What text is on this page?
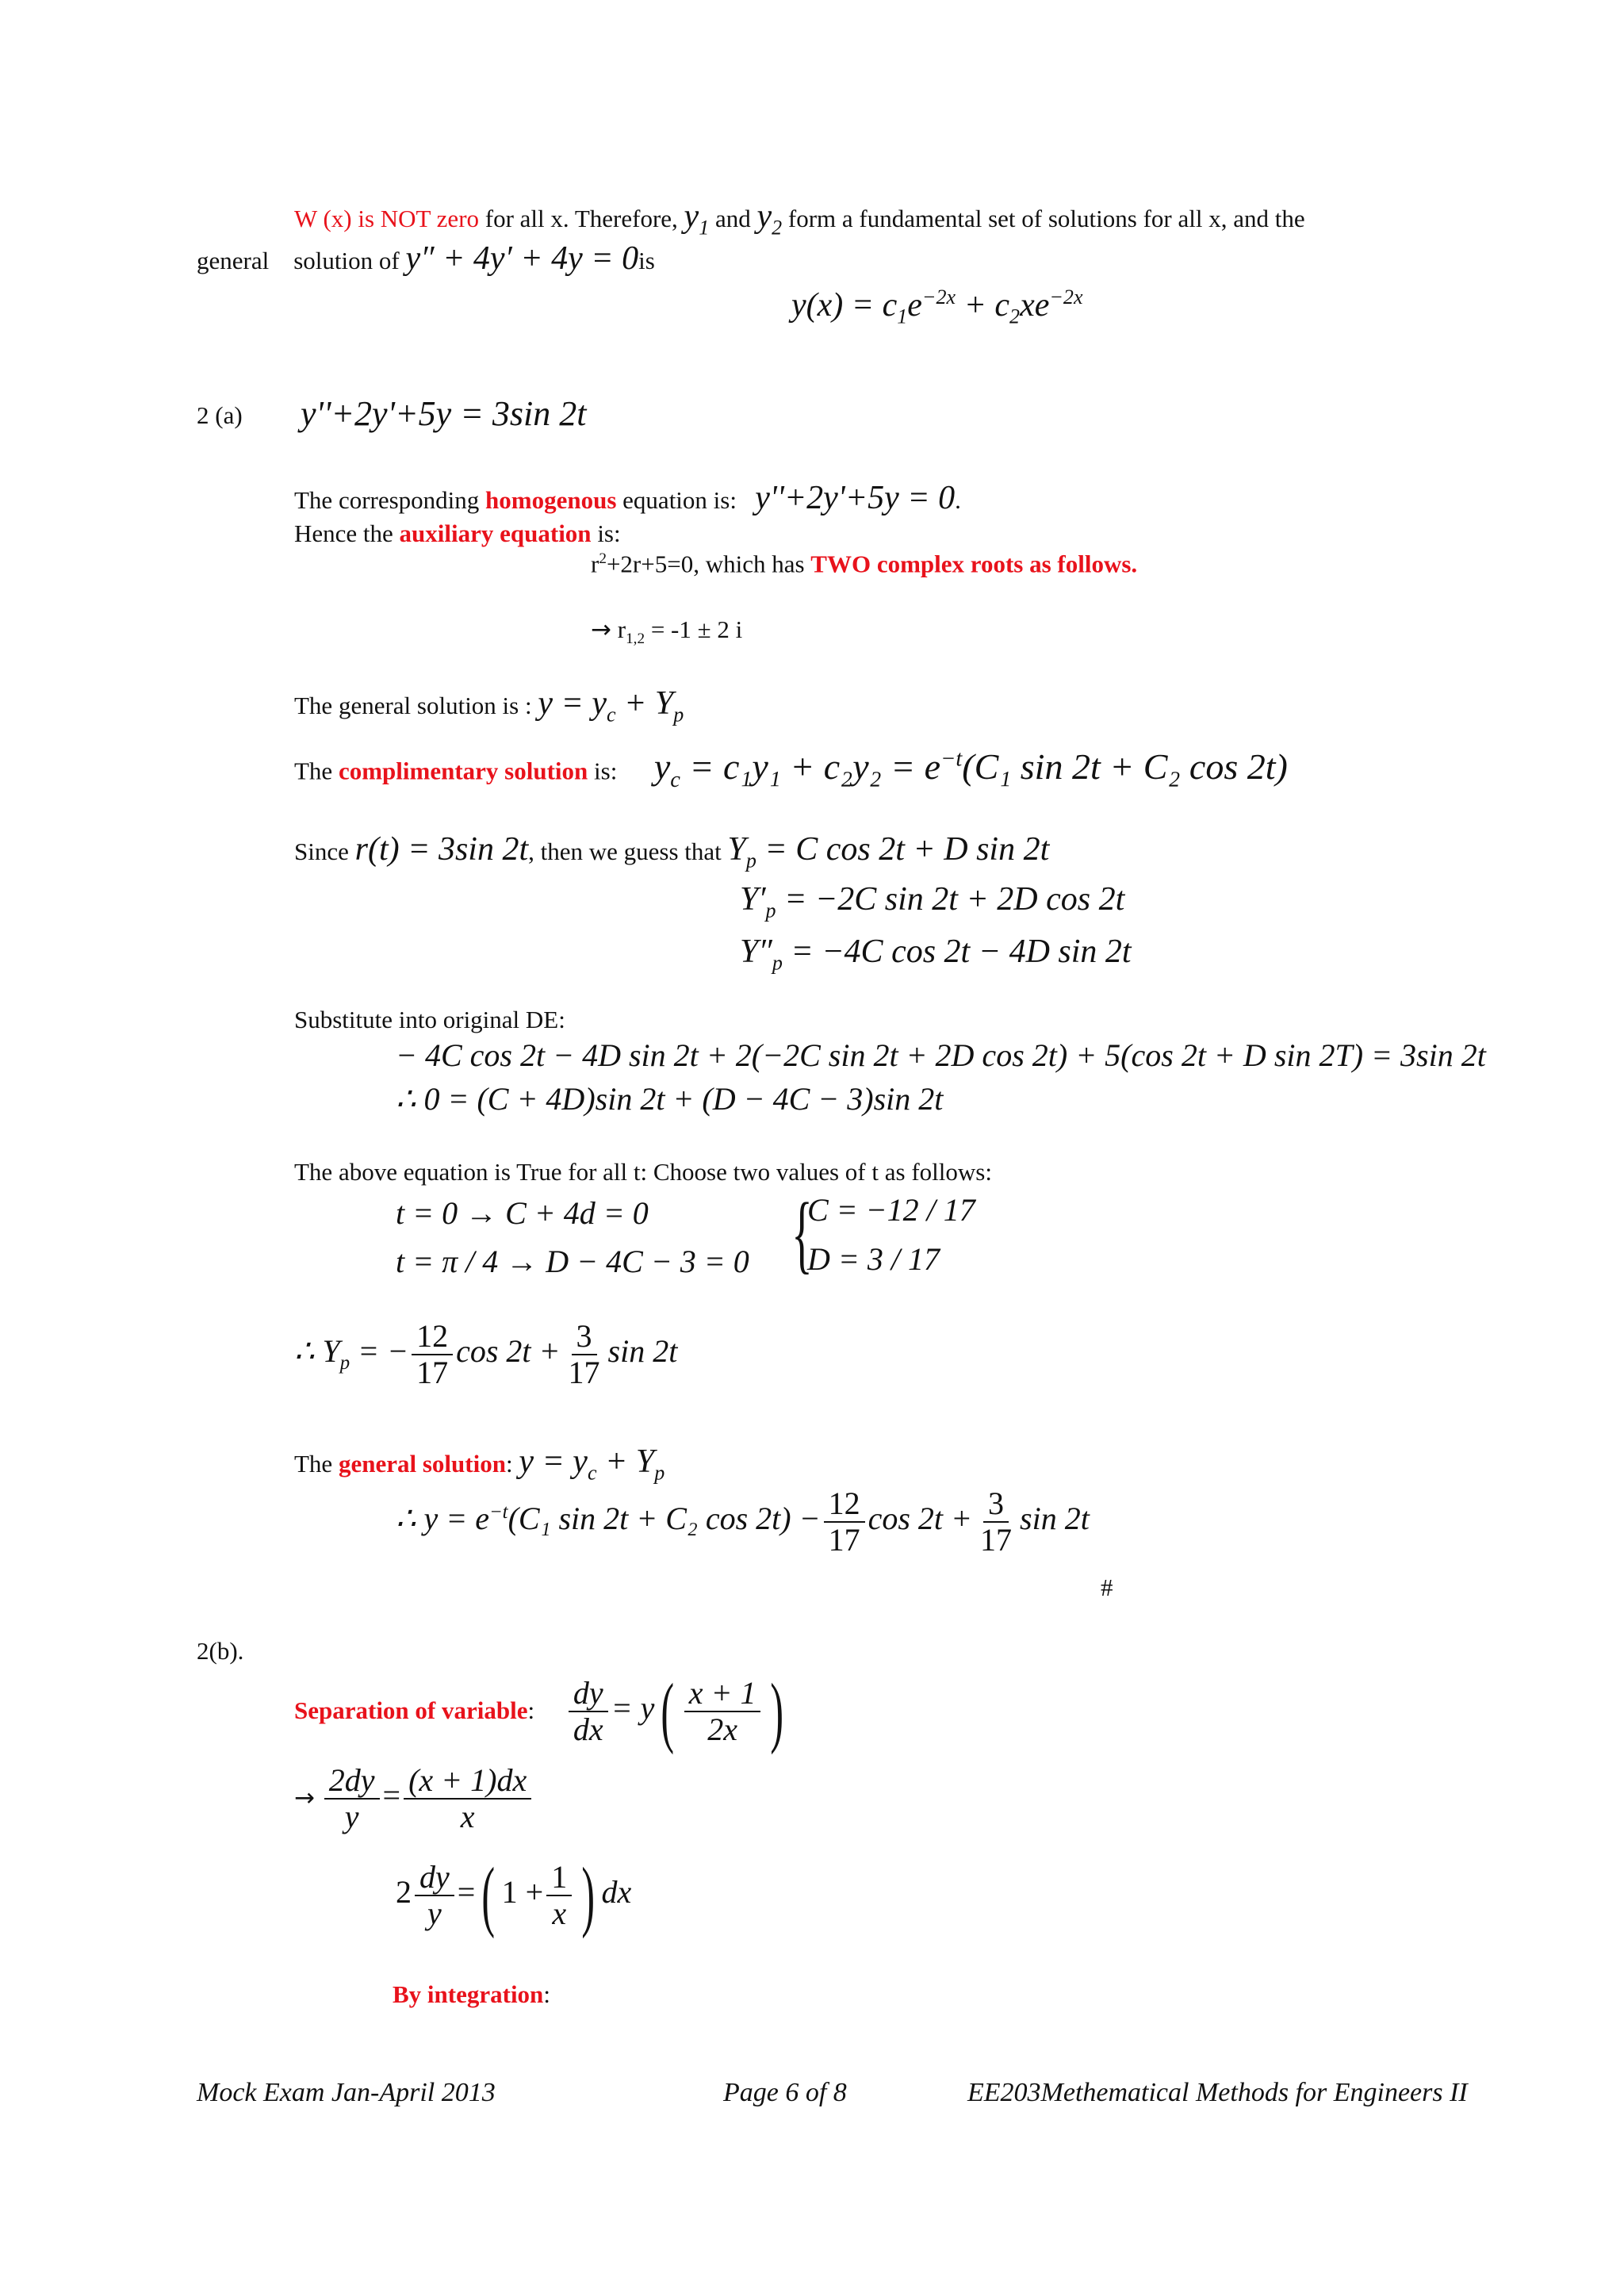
W (x) is NOT zero for all x. Therefore, $y_1$ and $y_2$ form a fundamental set of solutions for all x, and the
general solution of y″ + 4y′ + 4y = 0is
$y(x) = c_1e^{-2x} + c_2xe^{-2x}$
2 (a) y''+2y'+5y = 3sin 2t
The corresponding homogenous equation is: y''+2y'+5y = 0.
Hence the auxiliary equation is:
$r^2+2r+5=0$, which has TWO complex roots as follows.
→ $r_{1,2} = -1 \pm 2$ i
The general solution is : $y = y_c + Y_p$
The complimentary solution is: $y_c = c_1y_1 + c_2y_2 = e^{-t}(C_1$ sin 2t + C₂ cos 2t)
Since r(t) = 3sin 2t, then we guess that $Y_p = C$ cos 2t + D sin 2t
$Y'_p = -2C$ sin 2t + 2D cos 2t
$Y''_p = -4C$ cos 2t − 4D sin 2t
Substitute into original DE:
− 4C cos 2t − 4D sin 2t + 2(−2C sin 2t + 2D cos 2t) + 5(cos 2t + D sin 2T) = 3sin 2t
∴ 0 = (C + 4D)sin 2t + (D − 4C − 3)sin 2t
The above equation is True for all t: Choose two values of t as follows:
t = 0 → C + 4d = 0
t = π / 4 → D − 4C − 3 = 0 {
C = −12 / 17
D = 3 / 17
∴ $Y_p$ = − $\frac{12}{17}$ $\cos 2t + \frac{3}{17}$ sin 2t
The general solution: $y = y_c + Y_p$
∴ $y = e^{-t}(C_1$ sin 2t + C₂ $\cos 2t) - \frac{12}{17}$ $\cos 2t + \frac{3}{17}$ sin 2t
#
2(b).
Separation of variable: $\frac{dy}{dx} = y( \frac{x + 1}{2x}$ )
→ $\frac{2dy}{y} = \frac{(x + 1)dx}{x}$
$2 \frac{dy}{y}$ =( $1 + \frac{1}{x}$ ) dx
By integration:
Mock Exam Jan-April 2013	Page 6 of 8	EE203Methematical Methods for Engineers II
